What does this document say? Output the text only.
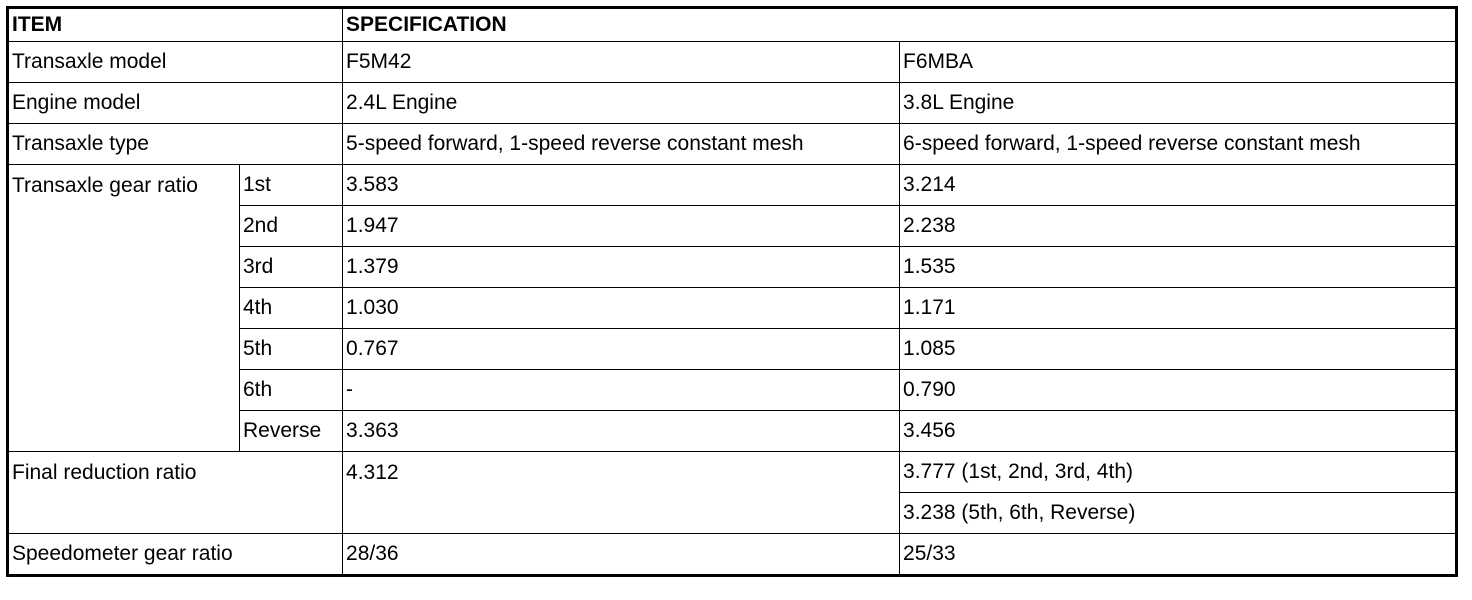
ITEM		SPECIFICATION	
Transaxle model		F5M42	F6MBA
Engine model		2.4L Engine	3.8L Engine
Transaxle type		5-speed forward, 1-speed reverse constant mesh	6-speed forward, 1-speed reverse constant mesh
Transaxle gear ratio	1st	3.583	3.214
	2nd	1.947	2.238
	3rd	1.379	1.535
	4th	1.030	1.171
	5th	0.767	1.085
	6th	-	0.790
	Reverse	3.363	3.456
Final reduction ratio		4.312	3.777 (1st, 2nd, 3rd, 4th)
			3.238 (5th, 6th, Reverse)
Speedometer gear ratio		28/36	25/33
